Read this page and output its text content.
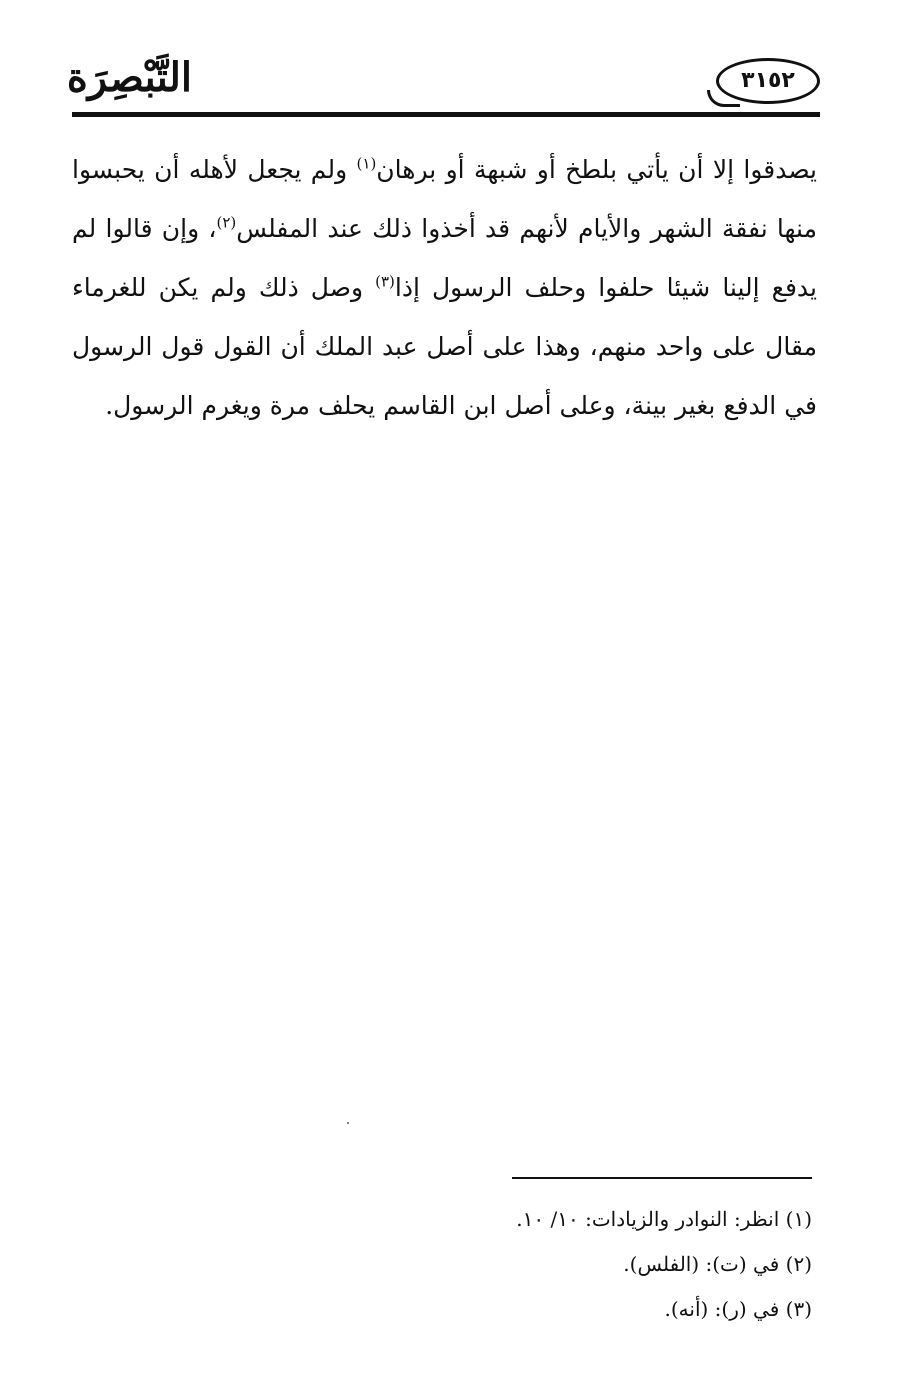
التَّبْصِرَة	٣١٥٢

يصدقوا إلا أن يأتي بلطخ أو شبهة أو برهان$^{(١)}$ ولم يجعل لأهله أن يحبسوا منها نفقة الشهر والأيام لأنهم قد أخذوا ذلك عند المفلس$^{(٢)}$، وإن قالوا لم يدفع إلينا شيئا حلفوا وحلف الرسول إذا$^{(٣)}$ وصل ذلك ولم يكن للغرماء مقال على واحد منهم، وهذا على أصل عبد الملك أن القول قول الرسول في الدفع بغير بينة، وعلى أصل ابن القاسم يحلف مرة ويغرم الرسول.

(١) انظر: النوادر والزيادات: ١٠/ ١٠.
(٢) في (ت): (الفلس).
(٣) في (ر): (أنه).
